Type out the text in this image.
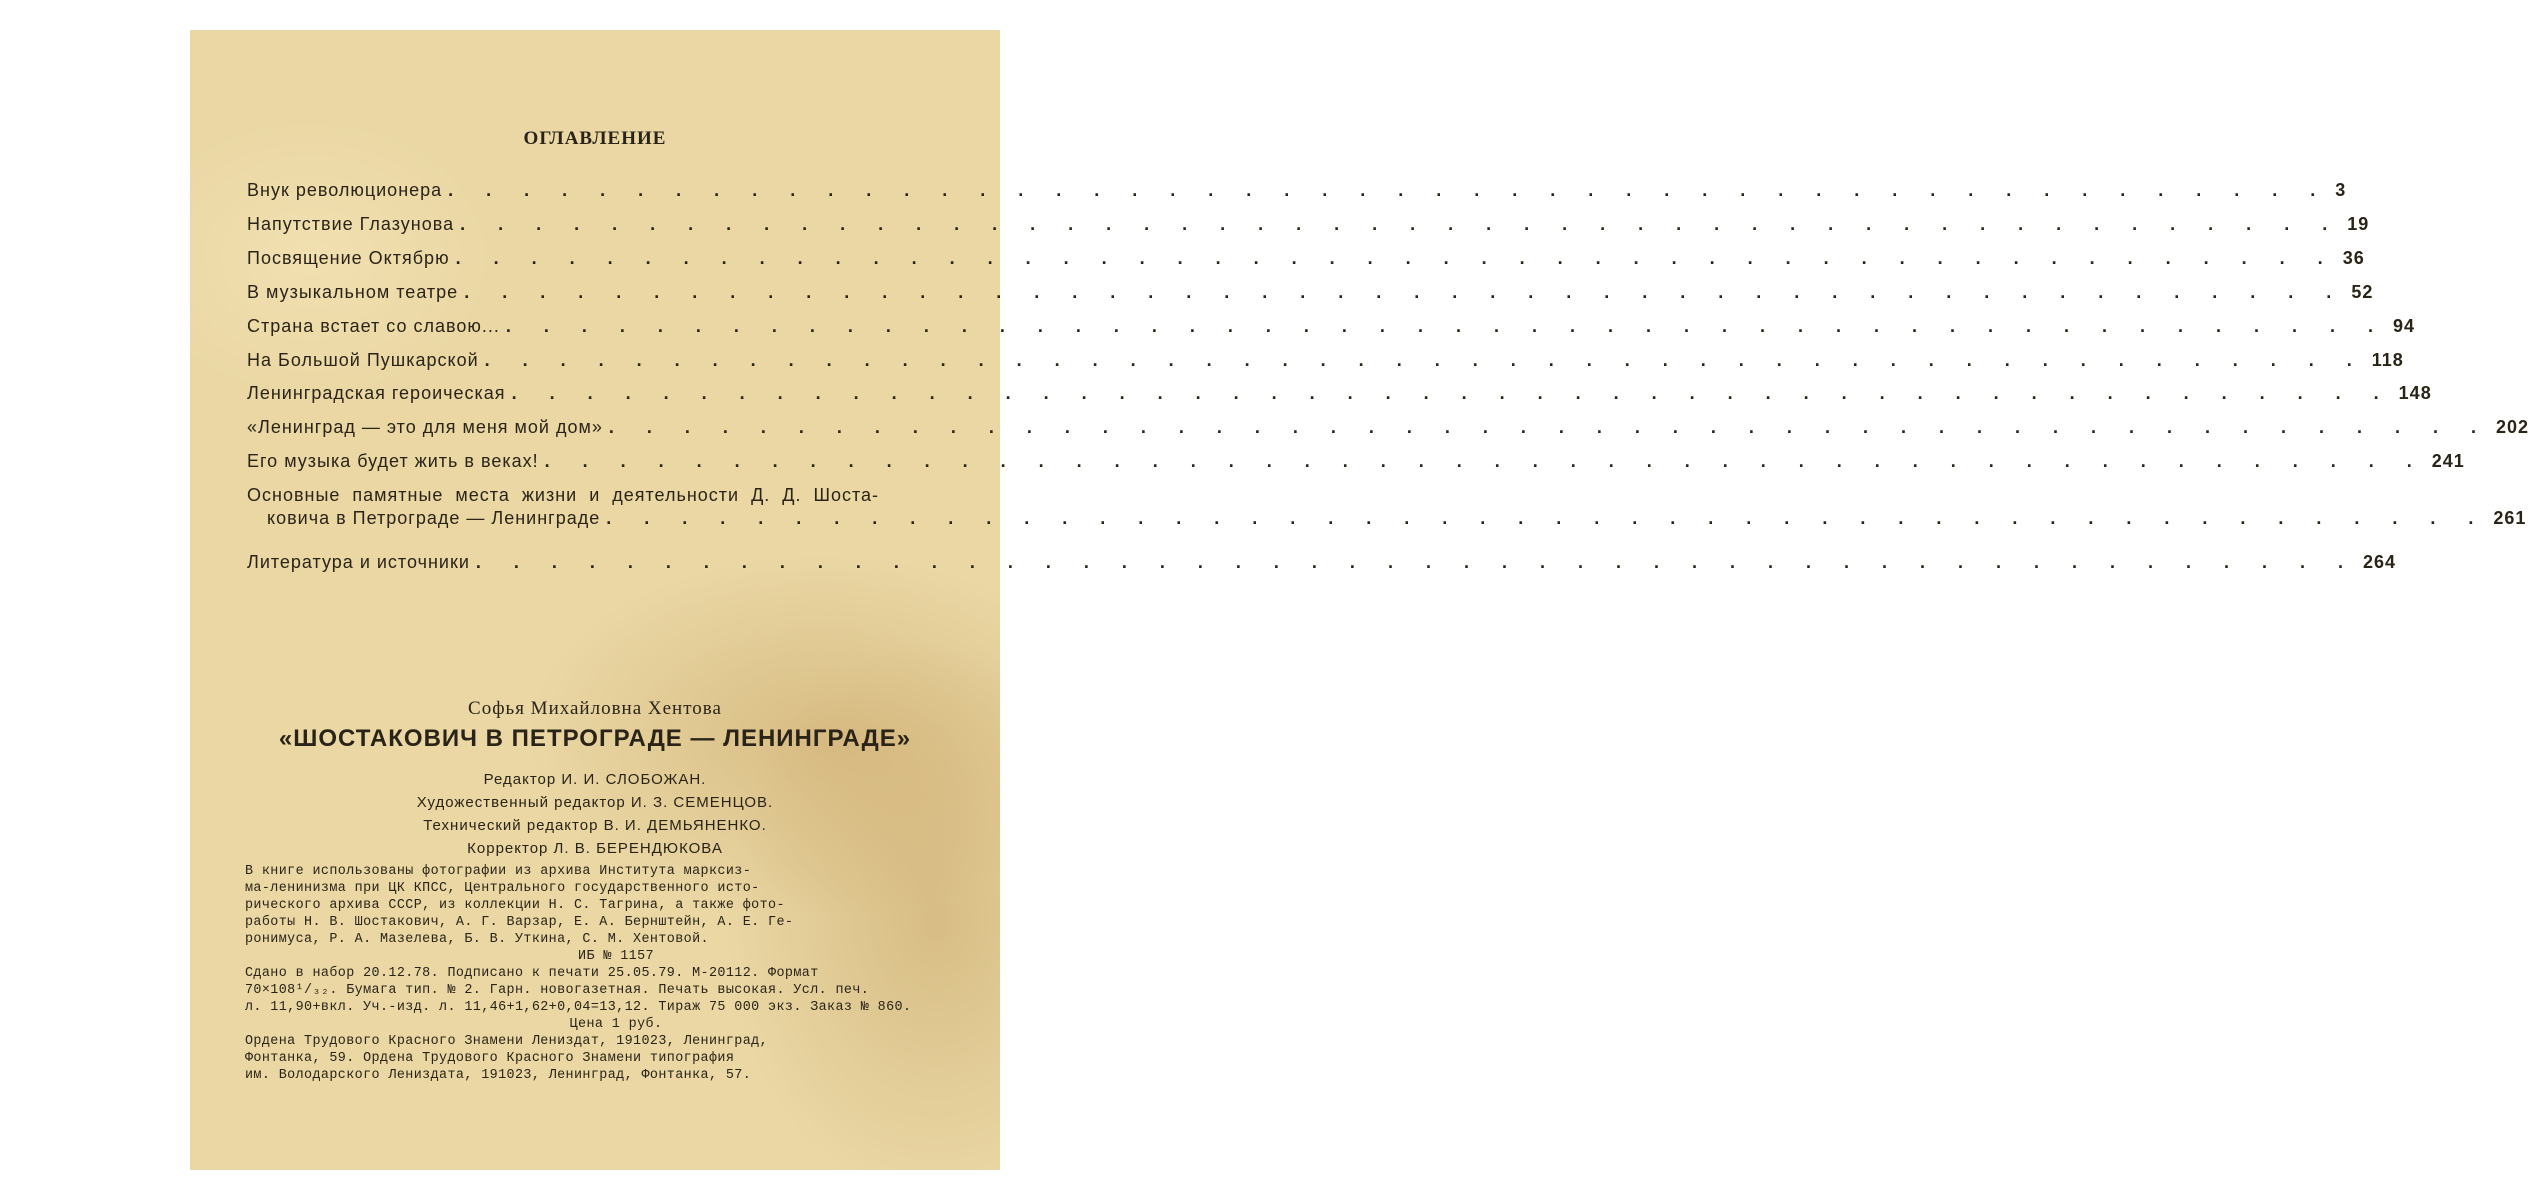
ОГЛАВЛЕНИЕ
Внук революционера . . . . . . . . . . . . . . . . . . . . . . . . . . . . . . . . . . . . . . . . . . . . . . . . . . 3
Напутствие Глазунова . . . . . . . . . . . . . . . . . . . . . . . . . . . . . . . . . . . . . . . . . . . . . . . . . . 19
Посвящение Октябрю . . . . . . . . . . . . . . . . . . . . . . . . . . . . . . . . . . . . . . . . . . . . . . . . . . 36
В музыкальном театре . . . . . . . . . . . . . . . . . . . . . . . . . . . . . . . . . . . . . . . . . . . . . . . . . . 52
Страна встает со славою... . . . . . . . . . . . . . . . . . . . . . . . . . . . . . . . . . . . . . . . . . . . . . . . . . . 94
На Большой Пушкарской . . . . . . . . . . . . . . . . . . . . . . . . . . . . . . . . . . . . . . . . . . . . . . . . . . 118
Ленинградская героическая . . . . . . . . . . . . . . . . . . . . . . . . . . . . . . . . . . . . . . . . . . . . . . . . . . 148
«Ленинград — это для меня мой дом» . . . . . . . . . . . . . . . . . . . . . . . . . . . . . . . . . . . . . . . . . . . . . . . . . . 202
Его музыка будет жить в веках! . . . . . . . . . . . . . . . . . . . . . . . . . . . . . . . . . . . . . . . . . . . . . . . . . . 241
Основные памятные места жизни и деятельности Д. Д. Шоста-
ковича в Петрограде — Ленинграде . . . . . . . . . . . . . . . . . . . . . . . . . . . . . . . . . . . . . . . . . . . . . . . . . . 261
Литература и источники . . . . . . . . . . . . . . . . . . . . . . . . . . . . . . . . . . . . . . . . . . . . . . . . . . 264
Софья Михайловна Хентова
«ШОСТАКОВИЧ В ПЕТРОГРАДЕ — ЛЕНИНГРАДЕ»
Редактор И. И. СЛОБОЖАН.
Художественный редактор И. З. СЕМЕНЦОВ.
Технический редактор В. И. ДЕМЬЯНЕНКО.
Корректор Л. В. БЕРЕНДЮКОВА
В книге использованы фотографии из архива Института марксиз-
ма-ленинизма при ЦК КПСС, Центрального государственного исто-
рического архива СССР, из коллекции Н. С. Тагрина, а также фото-
работы Н. В. Шостакович, А. Г. Варзар, Е. А. Бернштейн, А. Е. Ге-
ронимуса, Р. А. Мазелева, Б. В. Уткина, С. М. Хентовой.
ИБ № 1157
Сдано в набор 20.12.78. Подписано к печати 25.05.79. М-20112. Формат
70×108¹/₃₂. Бумага тип. № 2. Гарн. новогазетная. Печать высокая. Усл. печ.
л. 11,90+вкл. Уч.-изд. л. 11,46+1,62+0,04=13,12. Тираж 75 000 экз. Заказ № 860.
Цена 1 руб.
Ордена Трудового Красного Знамени Лениздат, 191023, Ленинград,
Фонтанка, 59. Ордена Трудового Красного Знамени типография
им. Володарского Лениздата, 191023, Ленинград, Фонтанка, 57.
